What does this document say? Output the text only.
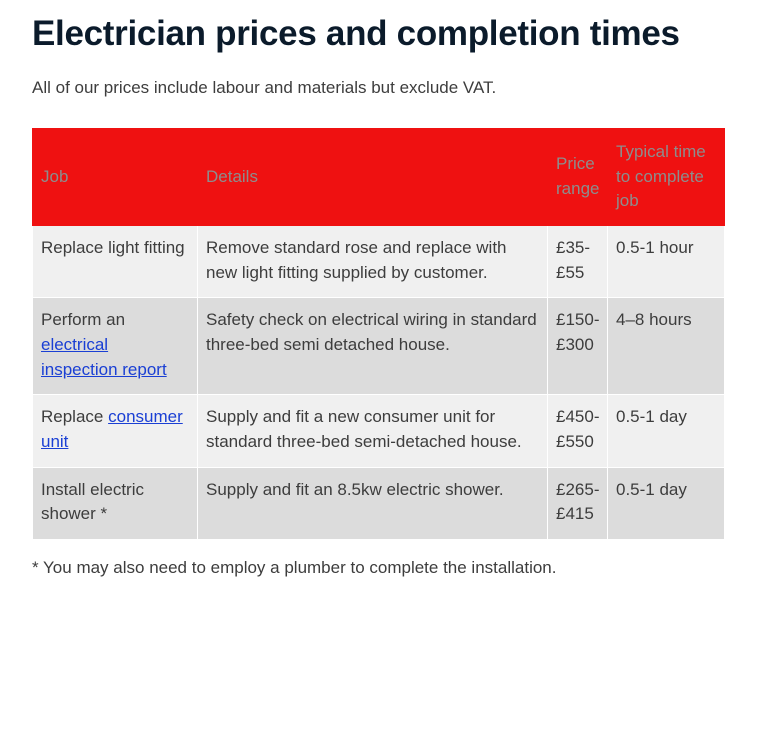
Electrician prices and completion times

All of our prices include labour and materials but exclude VAT.

Job	Details	Price range	Typical time to complete job
Replace light fitting	Remove standard rose and replace with new light fitting supplied by customer.	£35-£55	0.5-1 hour
Perform an electrical inspection report	Safety check on electrical wiring in standard three-bed semi detached house.	£150-£300	4–8 hours
Replace consumer unit	Supply and fit a new consumer unit for standard three-bed semi-detached house.	£450-£550	0.5-1 day
Install electric shower *	Supply and fit an 8.5kw electric shower.	£265-£415	0.5-1 day

* You may also need to employ a plumber to complete the installation.
